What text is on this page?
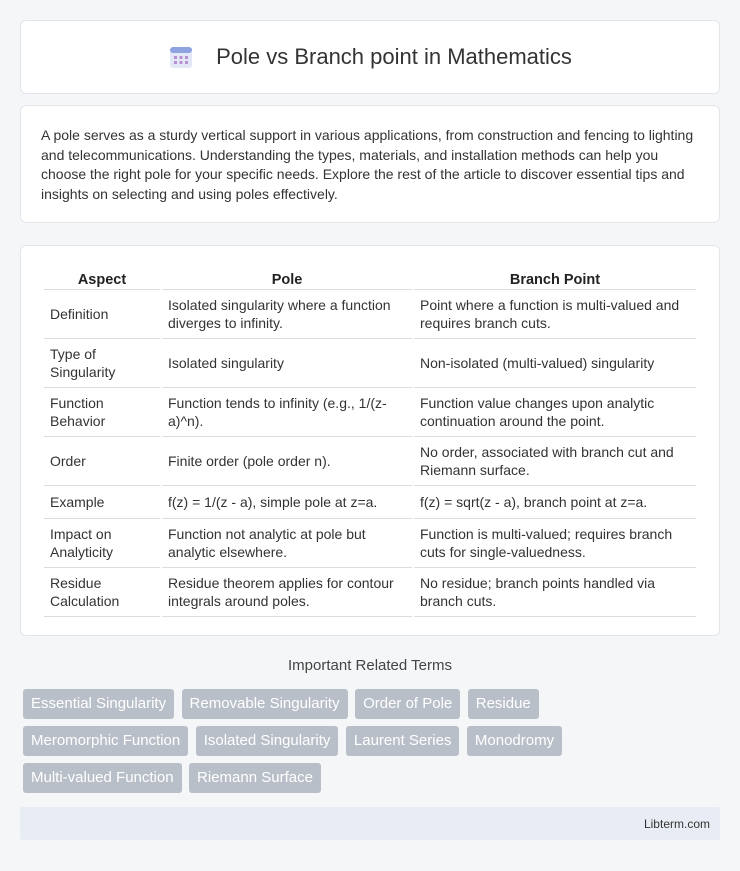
Pole vs Branch point in Mathematics

A pole serves as a sturdy vertical support in various applications, from construction and fencing to lighting and telecommunications. Understanding the types, materials, and installation methods can help you choose the right pole for your specific needs. Explore the rest of the article to discover essential tips and insights on selecting and using poles effectively.

Aspect	Pole	Branch Point
Definition	Isolated singularity where a function diverges to infinity.	Point where a function is multi-valued and requires branch cuts.
Type of Singularity	Isolated singularity	Non-isolated (multi-valued) singularity
Function Behavior	Function tends to infinity (e.g., 1/(z-a)^n).	Function value changes upon analytic continuation around the point.
Order	Finite order (pole order n).	No order, associated with branch cut and Riemann surface.
Example	f(z) = 1/(z - a), simple pole at z=a.	f(z) = sqrt(z - a), branch point at z=a.
Impact on Analyticity	Function not analytic at pole but analytic elsewhere.	Function is multi-valued; requires branch cuts for single-valuedness.
Residue Calculation	Residue theorem applies for contour integrals around poles.	No residue; branch points handled via branch cuts.
Important Related Terms
Essential Singularity Removable Singularity Order of Pole Residue
Meromorphic Function Isolated Singularity Laurent Series Monodromy
Multi-valued Function Riemann Surface
Libterm.com
